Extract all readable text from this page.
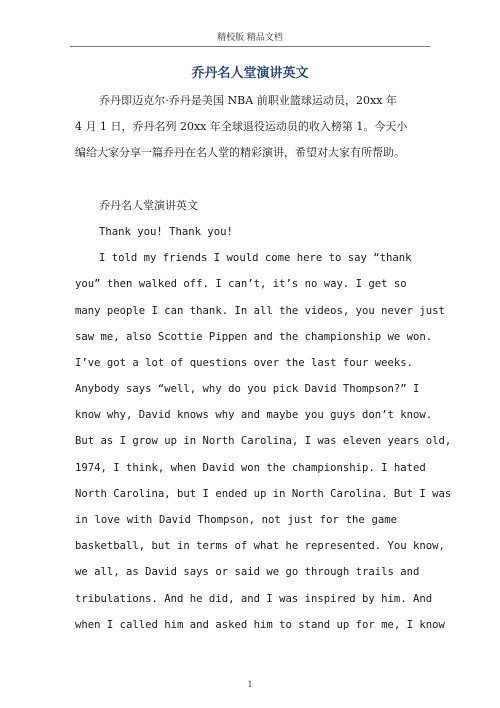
精校版 精品文档
乔丹名人堂演讲英文
乔丹即迈克尔·乔丹是美国 NBA 前职业篮球运动员，20xx 年
4 月 1 日，乔丹名列 20xx 年全球退役运动员的收入榜第 1。今天小
编给大家分享一篇乔丹在名人堂的精彩演讲，希望对大家有所帮助。
乔丹名人堂演讲英文
Thank you! Thank you!
I told my friends I would come here to say “thank
you” then walked off. I can’t, it’s no way. I get so
many people I can thank. In all the videos, you never just
saw me, also Scottie Pippen and the championship we won.
I’ve got a lot of questions over the last four weeks.
Anybody says “well, why do you pick David Thompson?” I
know why, David knows why and maybe you guys don’t know.
But as I grow up in North Carolina, I was eleven years old,
1974, I think, when David won the championship. I hated
North Carolina, but I ended up in North Carolina. But I was
in love with David Thompson, not just for the game
basketball, but in terms of what he represented. You know,
we all, as David says or said we go through trails and
tribulations. And he did, and I was inspired by him. And
when I called him and asked him to stand up for me, I know
1
